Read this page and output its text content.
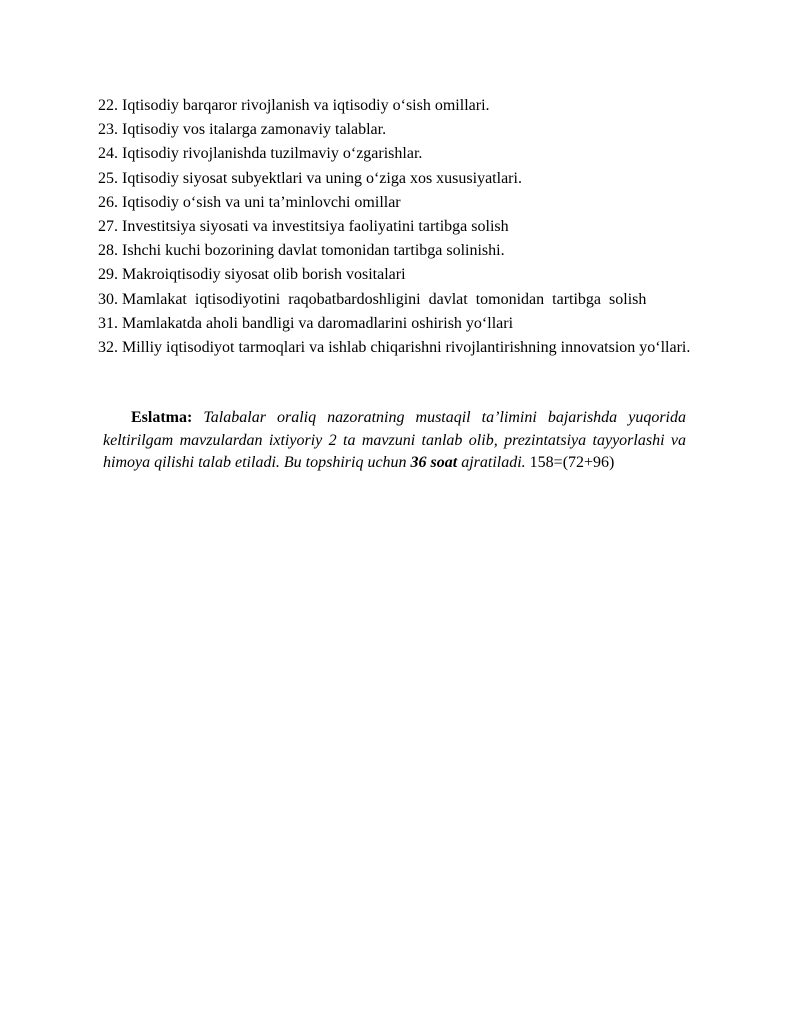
22. Iqtisodiy barqaror rivojlanish va iqtisodiy o‘sish omillari.
23. Iqtisodiy vos italarga zamonaviy talablar.
24. Iqtisodiy rivojlanishda tuzilmaviy o‘zgarishlar.
25. Iqtisodiy siyosat subyektlari va uning o‘ziga xos xususiyatlari.
26. Iqtisodiy o‘sish va uni ta’minlovchi omillar
27. Investitsiya siyosati va investitsiya faoliyatini tartibga solish
28. Ishchi kuchi bozorining davlat tomonidan tartibga solinishi.
29. Makroiqtisodiy siyosat olib borish vositalari
30. Mamlakat iqtisodiyotini raqobatbardoshligini davlat tomonidan tartibga solish
31. Mamlakatda aholi bandligi va daromadlarini oshirish yo‘llari
32. Milliy iqtisodiyot tarmoqlari va ishlab chiqarishni rivojlantirishning innovatsion yo‘llari.

Eslatma: Talabalar oraliq nazoratning mustaqil ta’limini bajarishda yuqorida keltirilgam mavzulardan ixtiyoriy 2 ta mavzuni tanlab olib, prezintatsiya tayyorlashi va himoya qilishi talab etiladi. Bu topshiriq uchun 36 soat ajratiladi. 158=(72+96)
